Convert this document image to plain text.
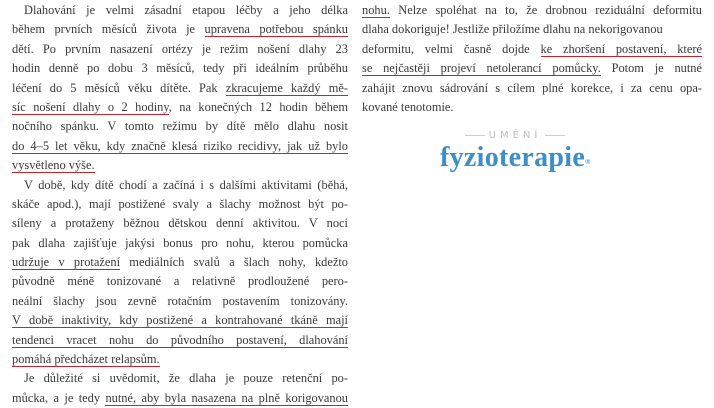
Dlahování je velmi zásadní etapou léčby a jeho délka
během prvních měsíců života je upravena potřebou spánku
dětí. Po prvním nasazení ortézy je režim nošení dlahy 23
hodin denně po dobu 3 měsíců, tedy při ideálním průběhu
léčení do 5 měsíců věku dítěte. Pak zkracujeme každý mě-
síc nošení dlahy o 2 hodiny, na konečných 12 hodin během
nočního spánku. V tomto režimu by dítě mělo dlahu nosit
do 4–5 let věku, kdy značně klesá riziko recidivy, jak už bylo
vysvětleno výše.
V době, kdy dítě chodí a začíná i s dalšími aktivitami (běhá,
skáče apod.), mají postižené svaly a šlachy možnost být po-
síleny a protaženy běžnou dětskou denní aktivitou. V noci
pak dlaha zajišťuje jakýsi bonus pro nohu, kterou pomůcka
udržuje v protažení mediálních svalů a šlach nohy, kdežto
původně méně tonizované a relativně prodloužené pero-
neální šlachy jsou zevně rotačním postavením tonizovány.
V době inaktivity, kdy postižené a kontrahované tkáně mají
tendenci vracet nohu do původního postavení, dlahování
pomáhá předcházet relapsům.
Je důležité si uvědomit, že dlaha je pouze retenční po-
můcka, a je tedy nutné, aby byla nasazena na plně korigovanou
nohu. Nelze spoléhat na to, že drobnou reziduální deformitu
dlaha dokoriguje! Jestliže přiložíme dlahu na nekorigovanou
deformitu, velmi časně dojde ke zhoršení postavení, které
se nejčastěji projeví netolerancí pomůcky. Potom je nutné
zahájit znovu sádrování s cílem plné korekce, i za cenu opa-
kované tenotomie.
UMĚNÍ
fyzioterapie®
